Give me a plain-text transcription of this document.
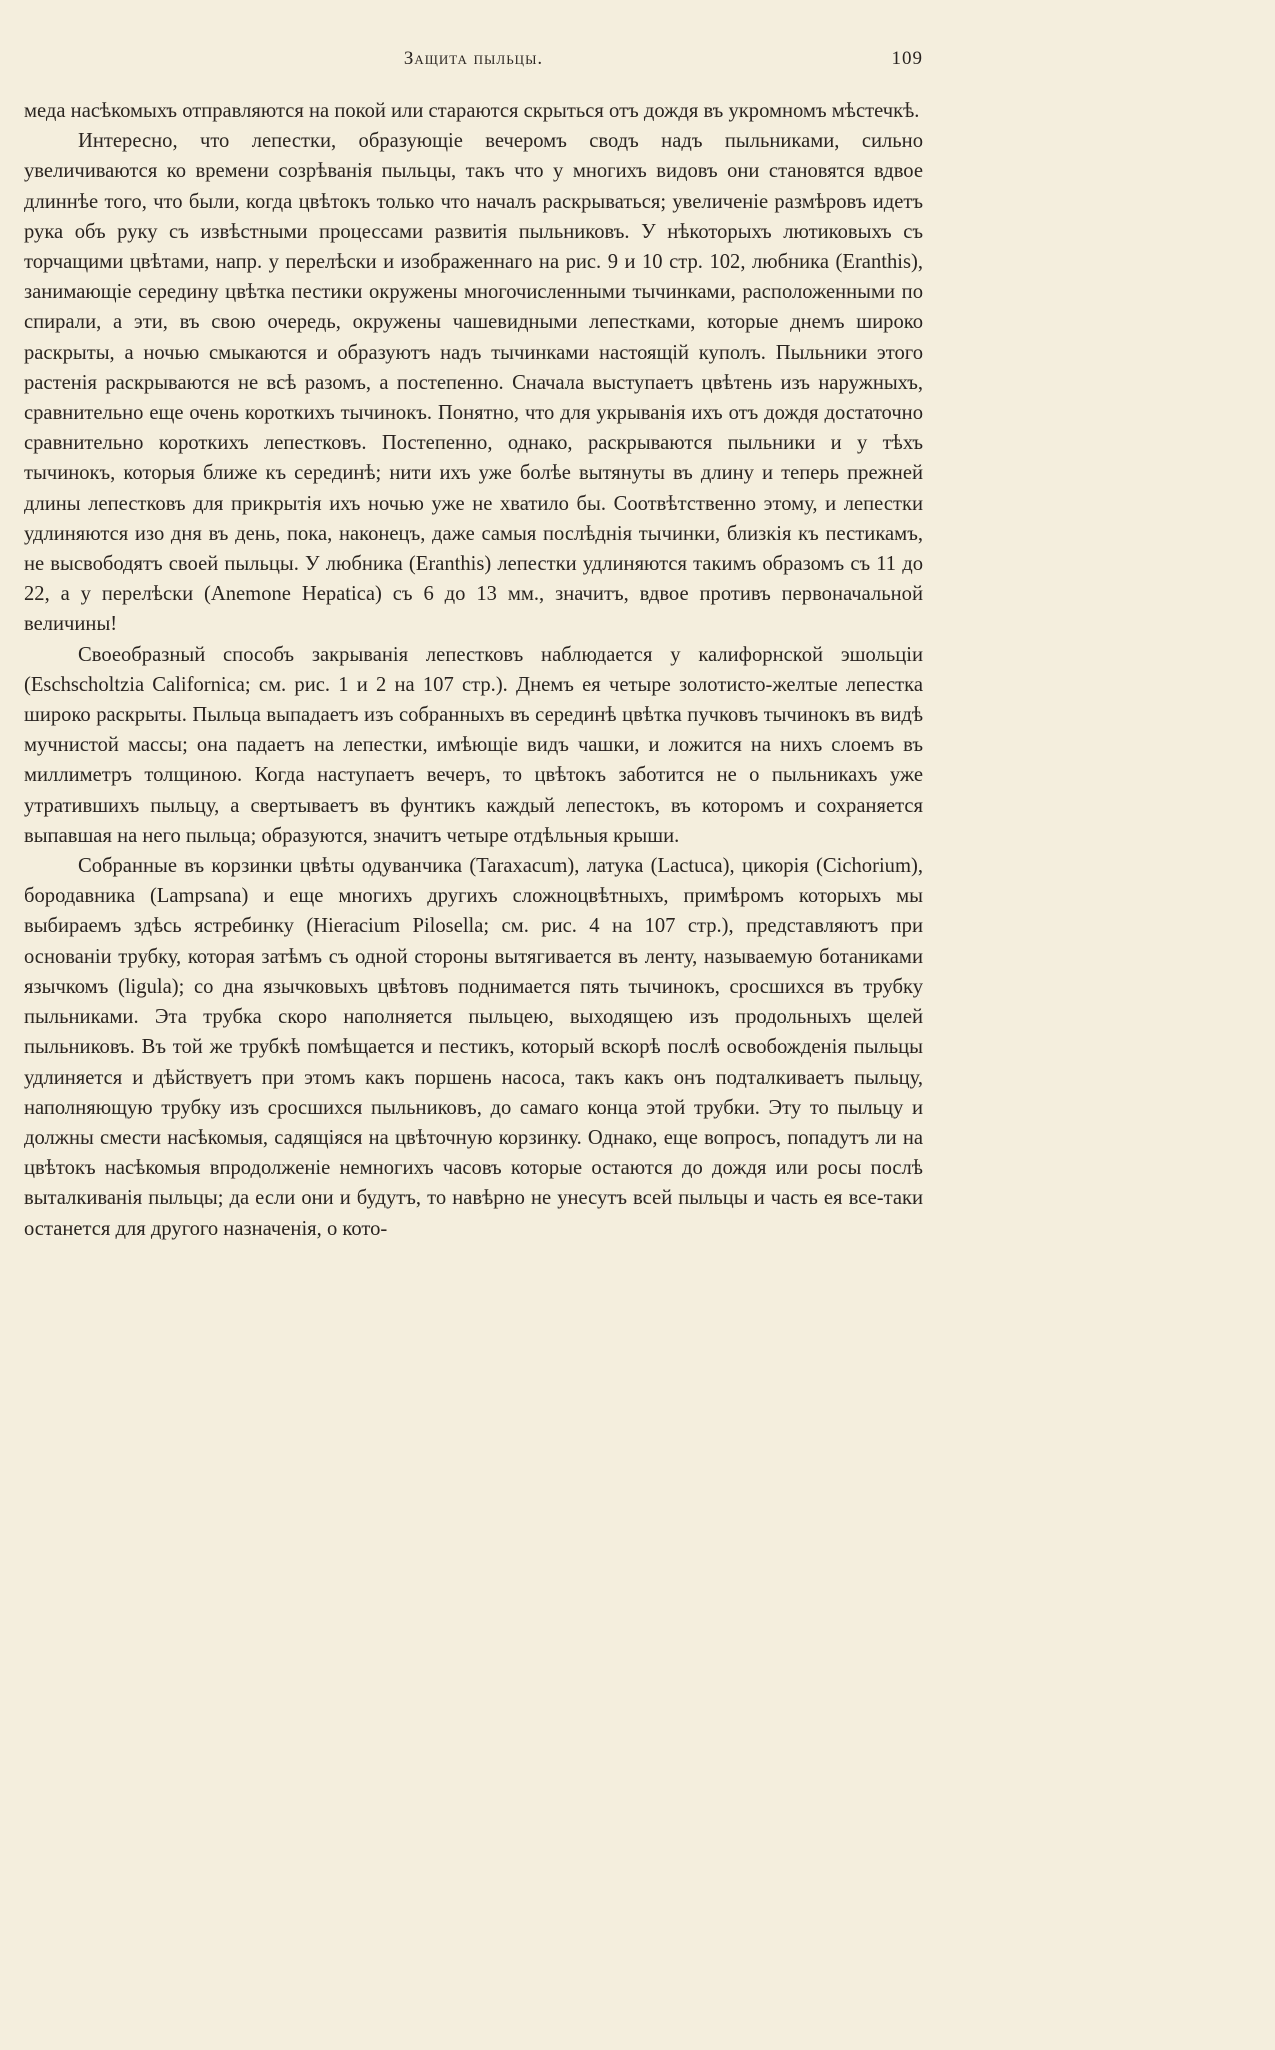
Защита пыльцы.	109

меда насѣкомыхъ отправляются на покой или стараются скрыться отъ дождя въ укромномъ мѣстечкѣ.

Интересно, что лепестки, образующіе вечеромъ сводъ надъ пыльниками, сильно увеличиваются ко времени созрѣванія пыльцы, такъ что у многихъ видовъ они становятся вдвое длиннѣе того, что были, когда цвѣтокъ только что началъ раскрываться; увеличеніе размѣровъ идетъ рука объ руку съ извѣстными процессами развитія пыльниковъ. У нѣкоторыхъ лютиковыхъ съ торчащими цвѣтами, напр. у перелѣски и изображеннаго на рис. 9 и 10 стр. 102, любника (Eranthis), занимающіе середину цвѣтка пестики окружены многочисленными тычинками, расположенными по спирали, а эти, въ свою очередь, окружены чашевидными лепестками, которые днемъ широко раскрыты, а ночью смыкаются и образуютъ надъ тычинками настоящій куполъ. Пыльники этого растенія раскрываются не всѣ разомъ, а постепенно. Сначала выступаетъ цвѣтень изъ наружныхъ, сравнительно еще очень короткихъ тычинокъ. Понятно, что для укрыванія ихъ отъ дождя достаточно сравнительно короткихъ лепестковъ. Постепенно, однако, раскрываются пыльники и у тѣхъ тычинокъ, которыя ближе къ серединѣ; нити ихъ уже болѣе вытянуты въ длину и теперь прежней длины лепестковъ для прикрытія ихъ ночью уже не хватило бы. Соотвѣтственно этому, и лепестки удлиняются изо дня въ день, пока, наконецъ, даже самыя послѣднія тычинки, близкія къ пестикамъ, не высвободятъ своей пыльцы. У любника (Eranthis) лепестки удлиняются такимъ образомъ съ 11 до 22, а у перелѣски (Anemone Hepatica) съ 6 до 13 мм., значитъ, вдвое противъ первоначальной величины!

Своеобразный способъ закрыванія лепестковъ наблюдается у калифорнской эшольціи (Eschscholtzia Californica; см. рис. 1 и 2 на 107 стр.). Днемъ ея четыре золотисто-желтые лепестка широко раскрыты. Пыльца выпадаетъ изъ собранныхъ въ серединѣ цвѣтка пучковъ тычинокъ въ видѣ мучнистой массы; она падаетъ на лепестки, имѣющіе видъ чашки, и ложится на нихъ слоемъ въ миллиметръ толщиною. Когда наступаетъ вечеръ, то цвѣтокъ заботится не о пыльникахъ уже утратившихъ пыльцу, а свертываетъ въ фунтикъ каждый лепестокъ, въ которомъ и сохраняется выпавшая на него пыльца; образуются, значитъ четыре отдѣльныя крыши.

Собранные въ корзинки цвѣты одуванчика (Taraxacum), латука (Lactuca), цикорія (Cichorium), бородавника (Lampsana) и еще многихъ другихъ сложноцвѣтныхъ, примѣромъ которыхъ мы выбираемъ здѣсь ястребинку (Hieracium Pilosella; см. рис. 4 на 107 стр.), представляютъ при основаніи трубку, которая затѣмъ съ одной стороны вытягивается въ ленту, называемую ботаниками язычкомъ (ligula); со дна язычковыхъ цвѣтовъ поднимается пять тычинокъ, сросшихся въ трубку пыльниками. Эта трубка скоро наполняется пыльцею, выходящею изъ продольныхъ щелей пыльниковъ. Въ той же трубкѣ помѣщается и пестикъ, который вскорѣ послѣ освобожденія пыльцы удлиняется и дѣйствуетъ при этомъ какъ поршень насоса, такъ какъ онъ подталкиваетъ пыльцу, наполняющую трубку изъ сросшихся пыльниковъ, до самаго конца этой трубки. Эту то пыльцу и должны смести насѣкомыя, садящіяся на цвѣточную корзинку. Однако, еще вопросъ, попадутъ ли на цвѣтокъ насѣкомыя впродолженіе немногихъ часовъ которые остаются до дождя или росы послѣ выталкиванія пыльцы; да если они и будутъ, то навѣрно не унесутъ всей пыльцы и часть ея все-таки останется для другого назначенія, о кото-
